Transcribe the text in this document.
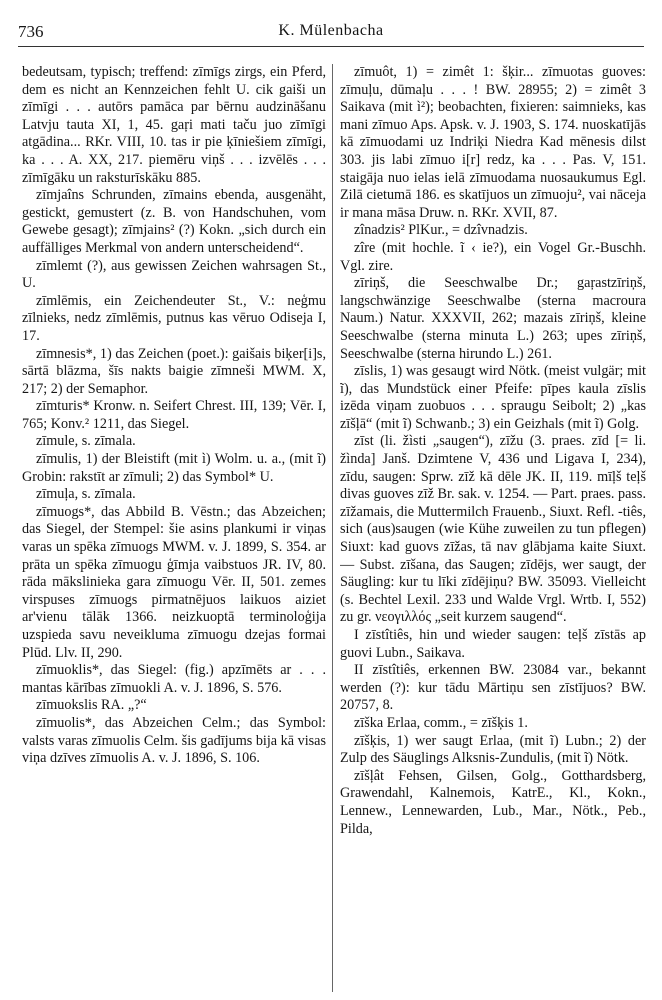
736	K. Mülenbacha

bedeutsam, typisch; treffend: zīmīgs zirgs, ein Pferd, dem es nicht an Kennzeichen fehlt U. cik gaiši un zīmīgi . . . autōrs pamāca par bērnu audzināšanu Latvju tauta XI, 1, 45. gaŗi mati taču juo zīmīgi atgādina... RKr. VIII, 10. tas ir pie ķīniešiem zīmīgi, ka . . . A. XX, 217. piemēru viņš . . . izvēlēs . . . zīmīgāku un raksturīskāku 885.

zīmjaîns Schrunden, zīmains ebenda, ausgenäht, gestickt, gemustert (z. B. von Handschuhen, vom Gewebe gesagt); zīmjains² (?) Kokn. „sich durch ein auffälliges Merkmal von andern unterscheidend“.

zīmlemt (?), aus gewissen Zeichen wahrsagen St., U.

zīmlēmis, ein Zeichendeuter St., V.: neģmu zīlnieks, nedz zīmlēmis, putnus kas vēruo Odiseja I, 17.

zīmnesis*, 1) das Zeichen (poet.): gaišais biķer[i]s, sārtā blāzma, šīs nakts baigie zīmneši MWM. X, 217; 2) der Semaphor.

zīmturis* Kronw. n. Seifert Chrest. III, 139; Vēr. I, 765; Konv.² 1211, das Siegel.

zīmule, s. zīmala.

zīmulis, 1) der Bleistift (mit ì) Wolm. u. a., (mit ĩ) Grobin: rakstīt ar zīmuli; 2) das Symbol* U.

zīmuļa, s. zīmala.

zīmuogs*, das Abbild B. Vēstn.; das Abzeichen; das Siegel, der Stempel: šie asins plankumi ir viņas varas un spēka zīmuogs MWM. v. J. 1899, S. 354. ar prāta un spēka zīmuogu ģīmja vaibstuos JR. IV, 80. rāda mākslinieka gara zīmuogu Vēr. II, 501. zemes virspuses zīmuogs pirmatnējuos laikuos aiziet ar'vienu tālāk 1366. neizkuoptā terminoloģija uzspieda savu neveiklumа zīmuogu dzejas formai Plūd. Llv. II, 290.

zīmuoklis*, das Siegel: (fig.) apzīmēts ar . . . mantas kārības zīmuokli A. v. J. 1896, S. 576.

zīmuokslis RA. „?“

zīmuolis*, das Abzeichen Celm.; das Symbol: valsts varas zīmuolis Celm. šis gadījums bija kā visas viņa dzīves zīmuolis A. v. J. 1896, S. 106.

zīmuôt, 1) = zimêt 1: šķir... zīmuotas guoves: zīmuļu, dūmaļu . . . ! BW. 28955; 2) = zimêt 3 Saikava (mit ì²); beobachten, fixieren: saimnieks, kas mani zīmuo Aps. Apsk. v. J. 1903, S. 174. nuoskatījās kā zīmuodami uz Indriķi Niedra Kad mēnesis dilst 303. jis labi zīmuo i[r] redz, ka . . . Pas. V, 151. staigāja nuo ielas ielā zīmuodama nuosaukumus Egl. Zilā cietumā 186. es skatījuos un zīmuoju², vai nāceja ir mana māsa Druw. n. RKr. XVII, 87.

zînadzis² PlKur., = dzîvnadzis.

zîre (mit hochle. ĩ ‹ ie?), ein Vogel Gr.-Buschh. Vgl. zire.

zīriņš, die Seeschwalbe Dr.; gaŗastzīriņš, langschwänzige Seeschwalbe (sterna macroura Naum.) Natur. XXXVII, 262; mazais zīriņš, kleine Seeschwalbe (sterna minuta L.) 263; upes zīriņš, Seeschwalbe (sterna hirundo L.) 261.

zīslis, 1) was gesaugt wird Nötk. (meist vulgär; mit ĩ), das Mundstück einer Pfeife: pīpes kaula zīslis izēda viņam zuobuos . . . spraugu Seibolt; 2) „kas zīšļā“ (mit ĩ) Schwanb.; 3) ein Geizhals (mit ĩ) Golg.

zīst (li. žìsti „saugen“), zīžu (3. praes. zīd [= li. žìnda] Janš. Dzimtene V, 436 und Ligava I, 234), zīdu, saugen: Sprw. zīž kā dēle JK. II, 119. mīļš teļš divas guoves zīž Br. sak. v. 1254. — Part. praes. pass. zīžamais, die Muttermilch Frauenb., Siuxt. Refl. -tiês, sich (aus)saugen (wie Kühe zuweilen zu tun pflegen) Siuxt: kad guovs zīžas, tā nav glābjama kaite Siuxt. — Subst. zīšana, das Saugen; zīdējs, wer saugt, der Säugling: kur tu līki zīdējiņu? BW. 35093. Vielleicht (s. Bechtel Lexil. 233 und Walde Vrgl. Wrtb. I, 552) zu gr. νεογιλλός „seit kurzem saugend“.

I zīstîtiês, hin und wieder saugen: teļš zīstās ap guovi Lubn., Saikava.

II zīstîtiês, erkennen BW. 23084 var., bekannt werden (?): kur tādu Mārtiņu sen zīstījuos? BW. 20757, 8.

zīška Erlaa, comm., = zīšķis 1.

zīšķis, 1) wer saugt Erlaa, (mit ĩ) Lubn.; 2) der Zulp des Säuglings Alksnis-Zundulis, (mit ĩ) Nötk.

zīšļât Fehsen, Gilsen, Golg., Gotthardsberg, Grawendahl, Kalnemois, KatrE., Kl., Kokn., Lennew., Lennewarden, Lub., Mar., Nötk., Peb., Pilda,
